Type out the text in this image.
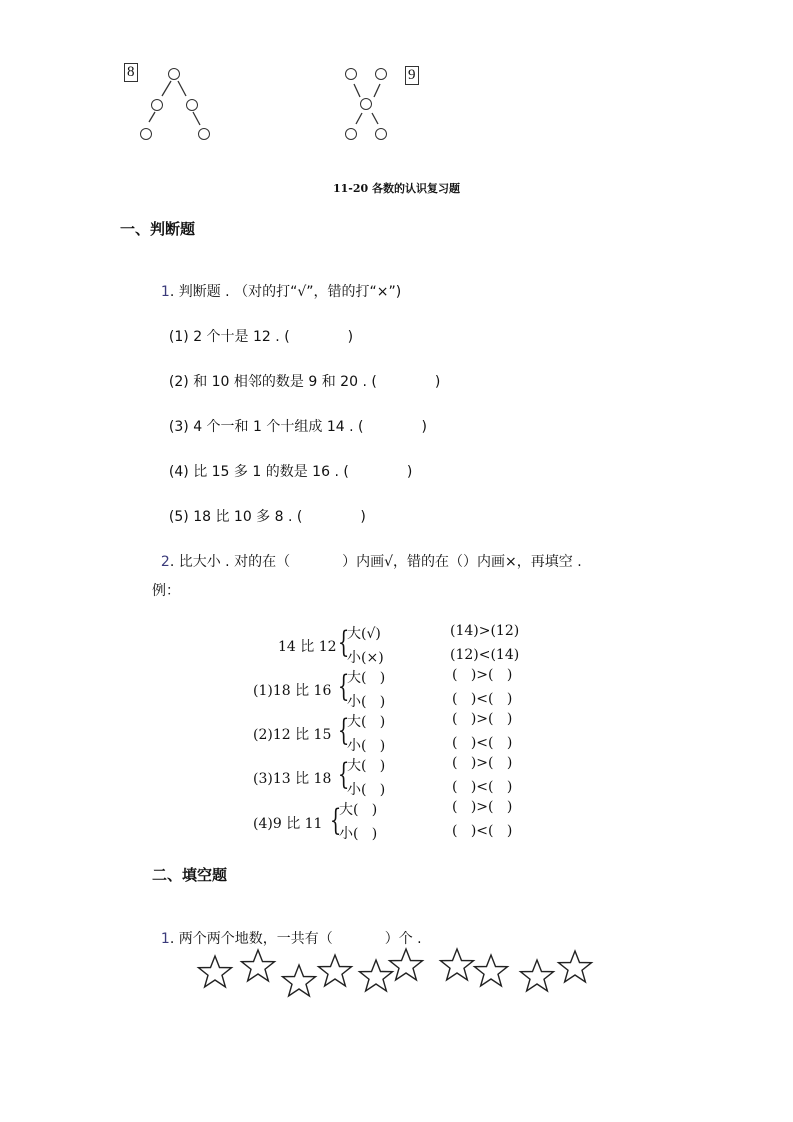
8	9
11-20 各数的认识复习题
一、判断题

1. 判断题 . （对的打“√”，错的打“×”)

(1) 2 个十是 12 . (	)

(2) 和 10 相邻的数是 9 和 20 . (	)

(3) 4 个一和 1 个十组成 14 . (	)

(4) 比 15 多 1 的数是 16 . (	)

(5) 18 比 10 多 8 . (	)

2. 比大小 . 对的在（	）内画√，错的在（）内画×，再填空 .

例：
14 比 12 {
大(√)
小(×)
(14)>(12)
(12)<(14)
(1)18 比 16 {
大(   )
小(   )
(   )>(   )
(   )<(   )
(2)12 比 15 {
大(   )
小(   )
(   )>(   )
(   )<(   )
(3)13 比 18 {
大(   )
小(   )
(   )>(   )
(   )<(   )
(4)9 比 11 {
大(   )
小(   )
(   )>(   )
(   )<(   )
二、填空题

1. 两个两个地数，一共有（	）个 .
